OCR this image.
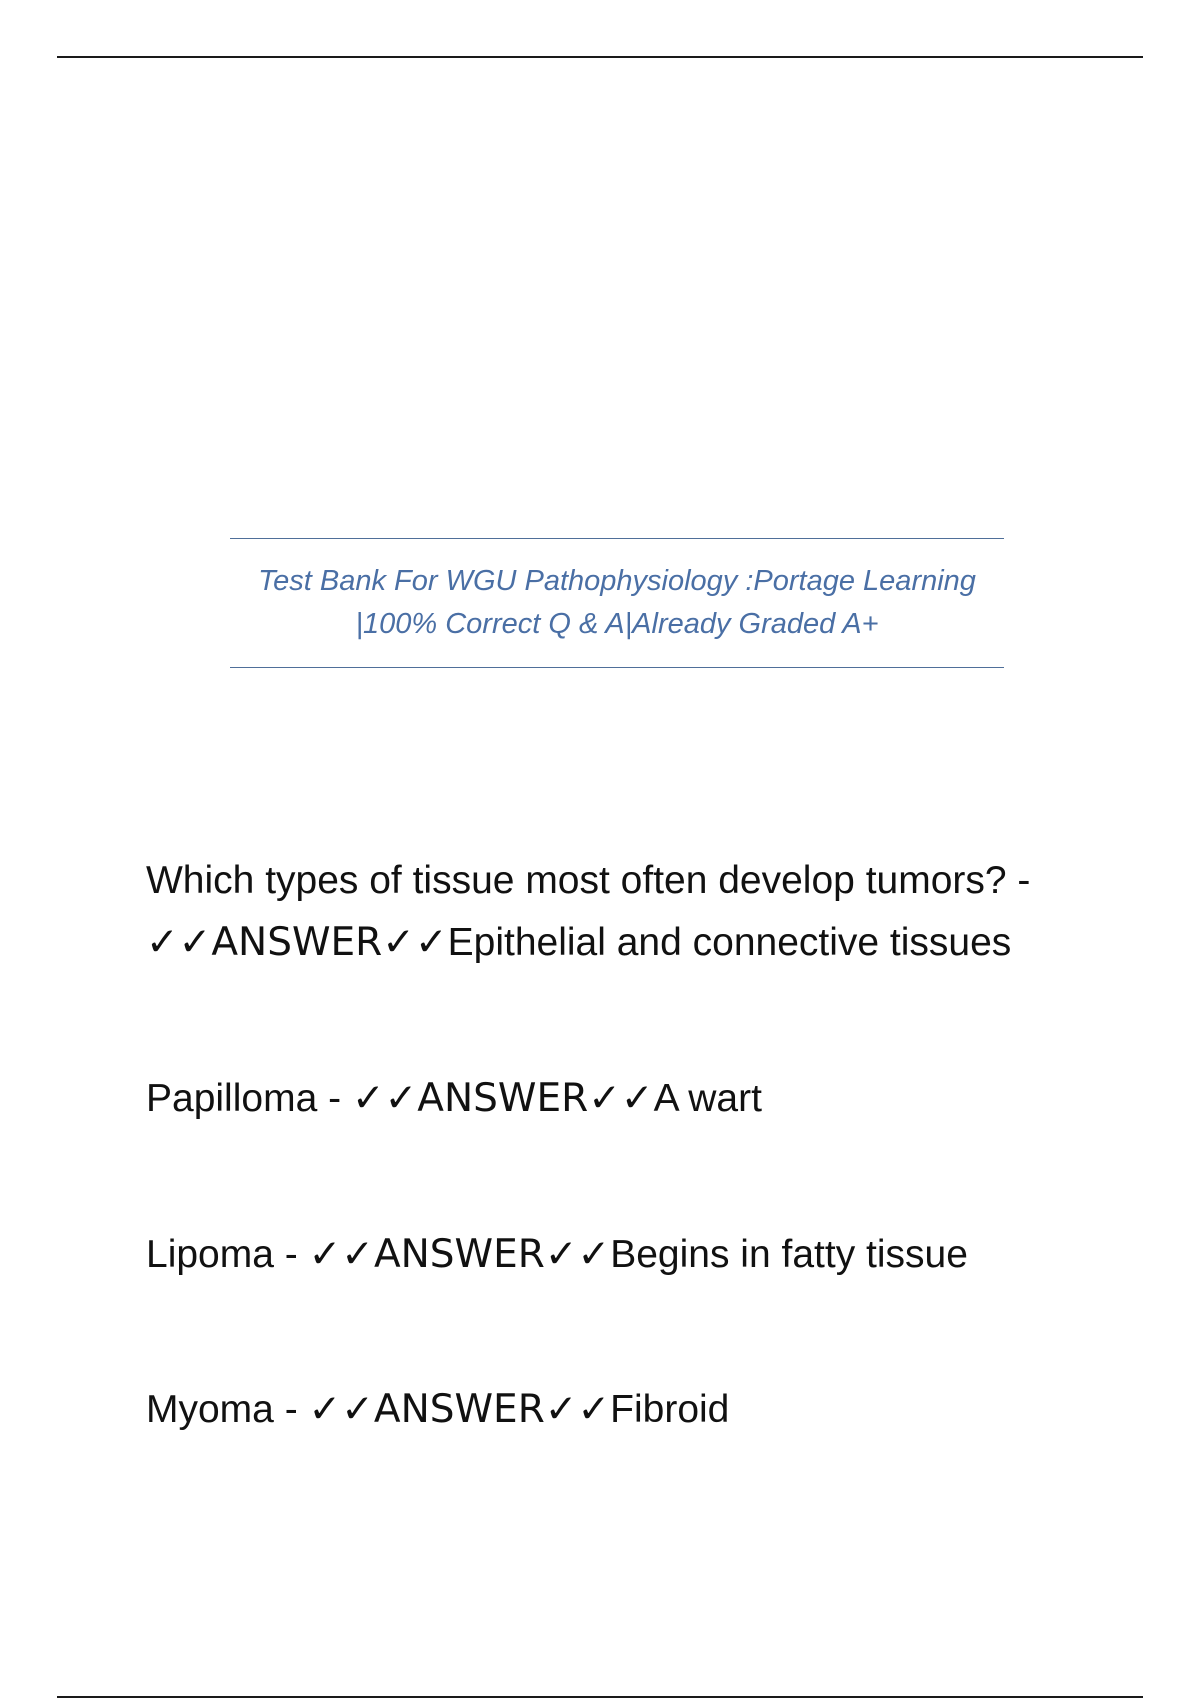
Test Bank For WGU Pathophysiology :Portage Learning
|100% Correct Q & A|Already Graded A+
Which types of tissue most often develop tumors? -
✓✓ANSWER✓✓Epithelial and connective tissues
Papilloma - ✓✓ANSWER✓✓A wart
Lipoma - ✓✓ANSWER✓✓Begins in fatty tissue
Myoma - ✓✓ANSWER✓✓Fibroid
